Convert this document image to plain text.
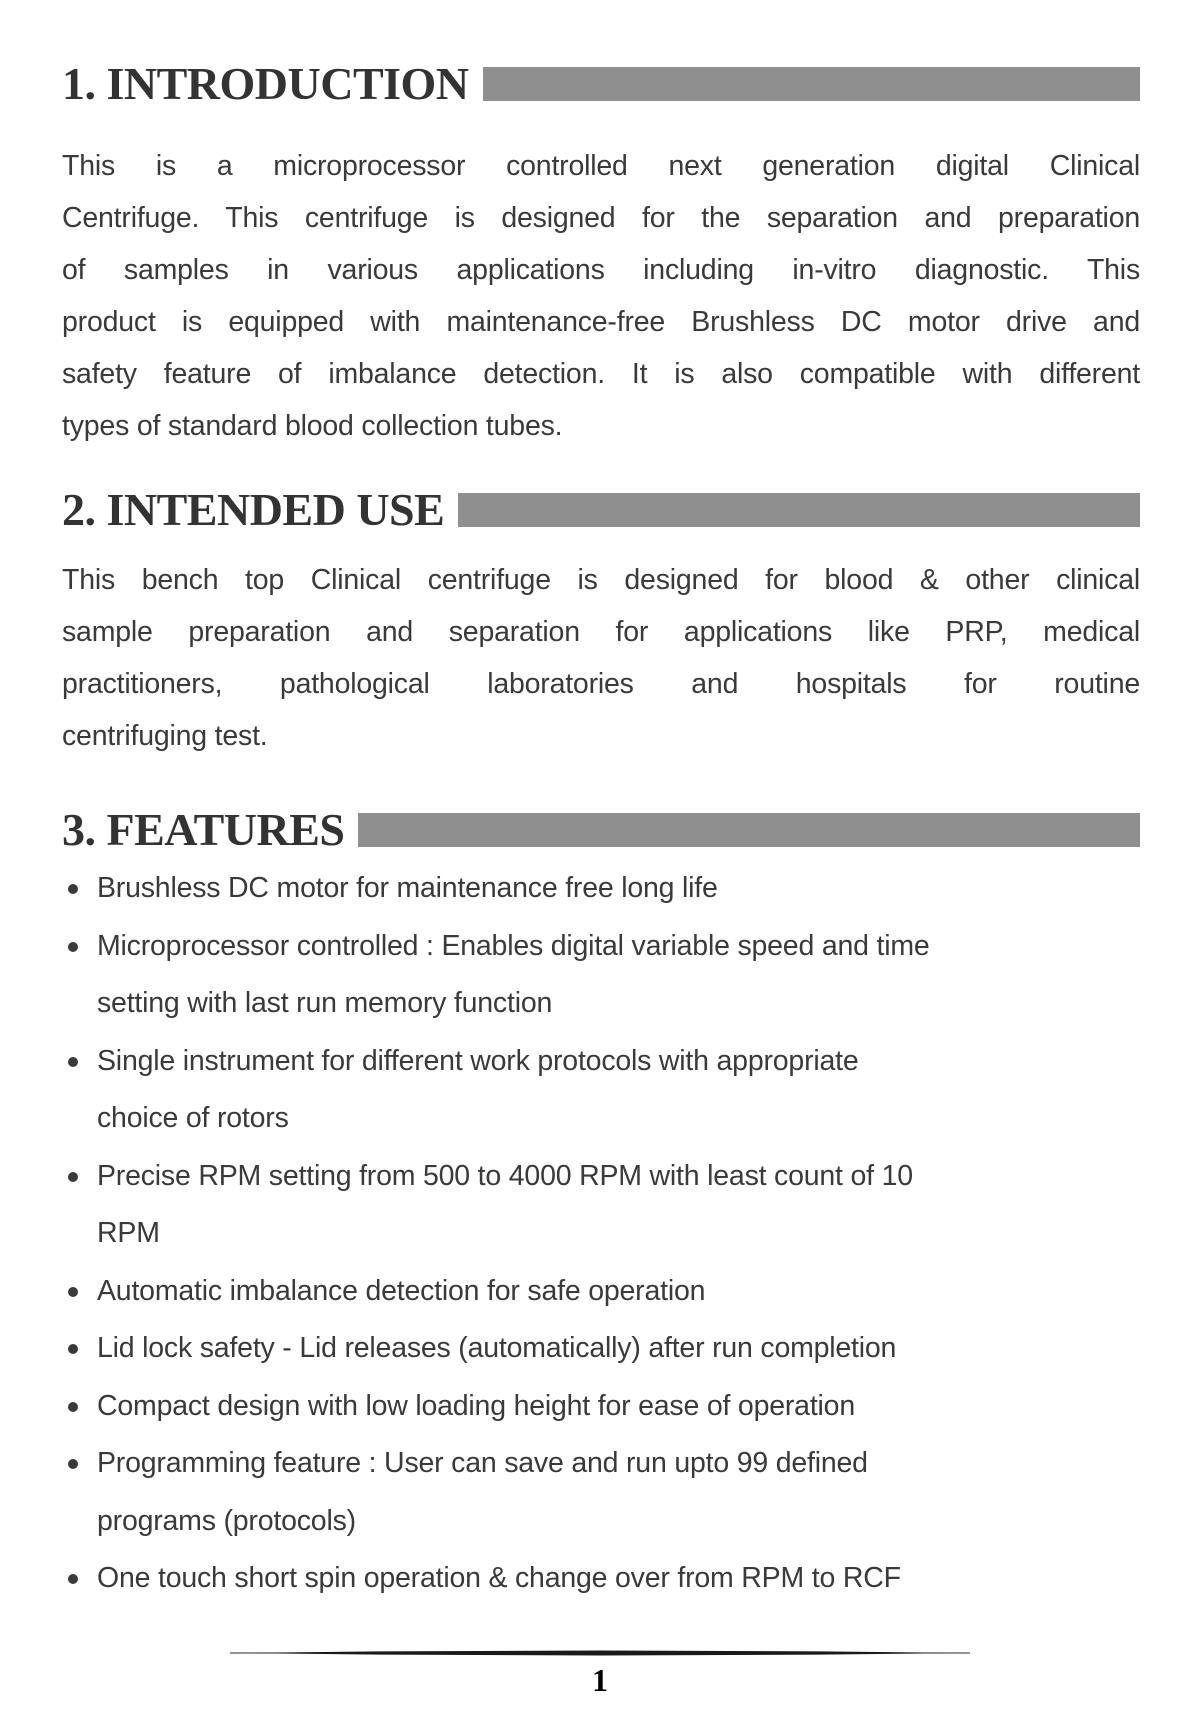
1. INTRODUCTION
This is a microprocessor controlled next generation digital Clinical
Centrifuge. This centrifuge is designed for the separation and preparation
of samples in various applications including in-vitro diagnostic. This
product is equipped with maintenance-free Brushless DC motor drive and
safety feature of imbalance detection. It is also compatible with different
types of standard blood collection tubes.
2. INTENDED USE
This bench top Clinical centrifuge is designed for blood & other clinical
sample preparation and separation for applications like PRP, medical
practitioners, pathological laboratories and hospitals for routine
centrifuging test.
3. FEATURES
Brushless DC motor for maintenance free long life
Microprocessor controlled : Enables digital variable speed and time
setting with last run memory function
Single instrument for different work protocols with appropriate
choice of rotors
Precise RPM setting from 500 to 4000 RPM with least count of 10
RPM
Automatic imbalance detection for safe operation
Lid lock safety - Lid releases (automatically) after run completion
Compact design with low loading height for ease of operation
Programming feature : User can save and run upto 99 defined
programs (protocols)
One touch short spin operation & change over from RPM to RCF
1
